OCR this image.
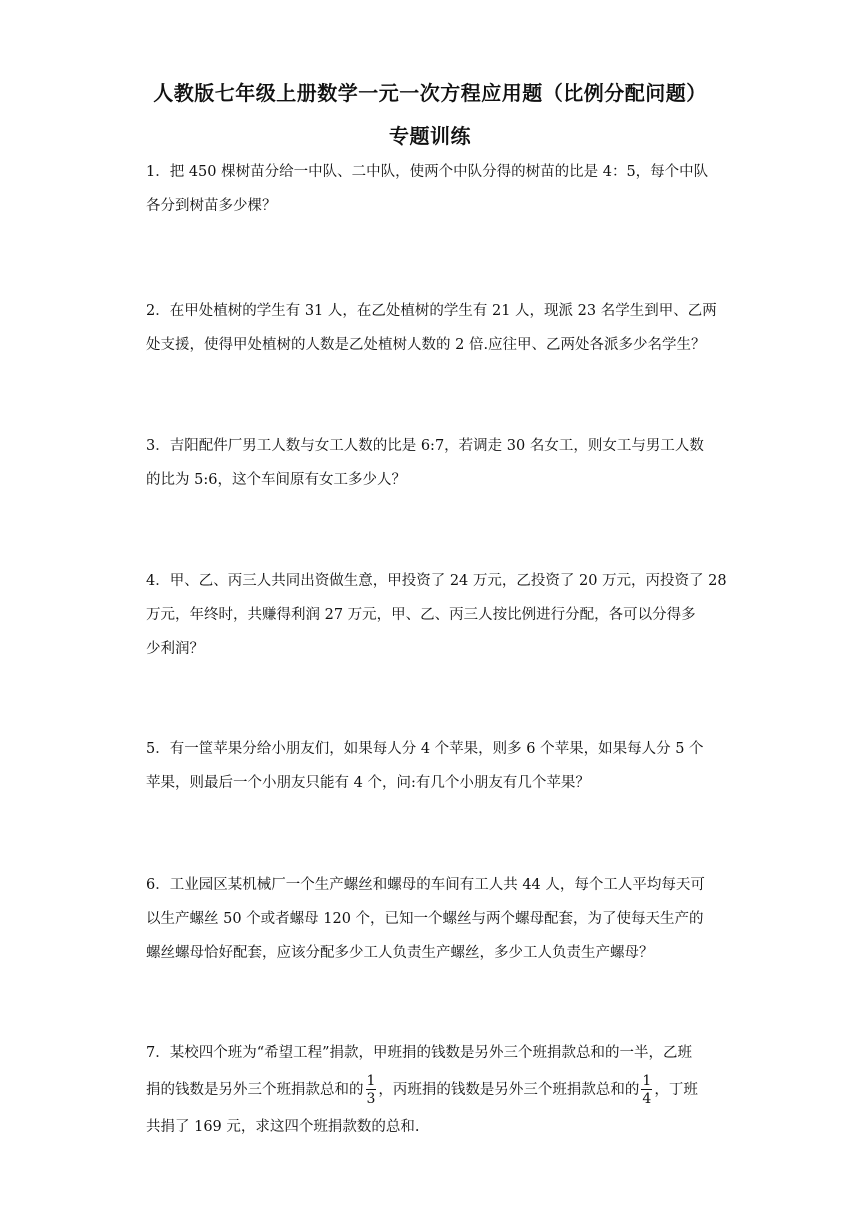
人教版七年级上册数学一元一次方程应用题（比例分配问题）
专题训练
1．把 450 棵树苗分给一中队、二中队，使两个中队分得的树苗的比是 4：5，每个中队
各分到树苗多少棵？
2．在甲处植树的学生有 31 人，在乙处植树的学生有 21 人，现派 23 名学生到甲、乙两
处支援，使得甲处植树的人数是乙处植树人数的 2 倍.应往甲、乙两处各派多少名学生？
3．吉阳配件厂男工人数与女工人数的比是 6:7，若调走 30 名女工，则女工与男工人数
的比为 5:6，这个车间原有女工多少人？
4．甲、乙、丙三人共同出资做生意，甲投资了 24 万元，乙投资了 20 万元，丙投资了 28
万元，年终时，共赚得利润 27 万元，甲、乙、丙三人按比例进行分配，各可以分得多
少利润？
5．有一筐苹果分给小朋友们，如果每人分 4 个苹果，则多 6 个苹果，如果每人分 5 个
苹果，则最后一个小朋友只能有 4 个，问:有几个小朋友有几个苹果？
6．工业园区某机械厂一个生产螺丝和螺母的车间有工人共 44 人，每个工人平均每天可
以生产螺丝 50 个或者螺母 120 个，已知一个螺丝与两个螺母配套，为了使每天生产的
螺丝螺母恰好配套，应该分配多少工人负责生产螺丝，多少工人负责生产螺母？
7．某校四个班为“希望工程”捐款，甲班捐的钱数是另外三个班捐款总和的一半，乙班
捐的钱数是另外三个班捐款总和的 $\frac{1}{3}$ ，丙班捐的钱数是另外三个班捐款总和的 $\frac{1}{4}$ ，丁班
共捐了 169 元，求这四个班捐款数的总和.
